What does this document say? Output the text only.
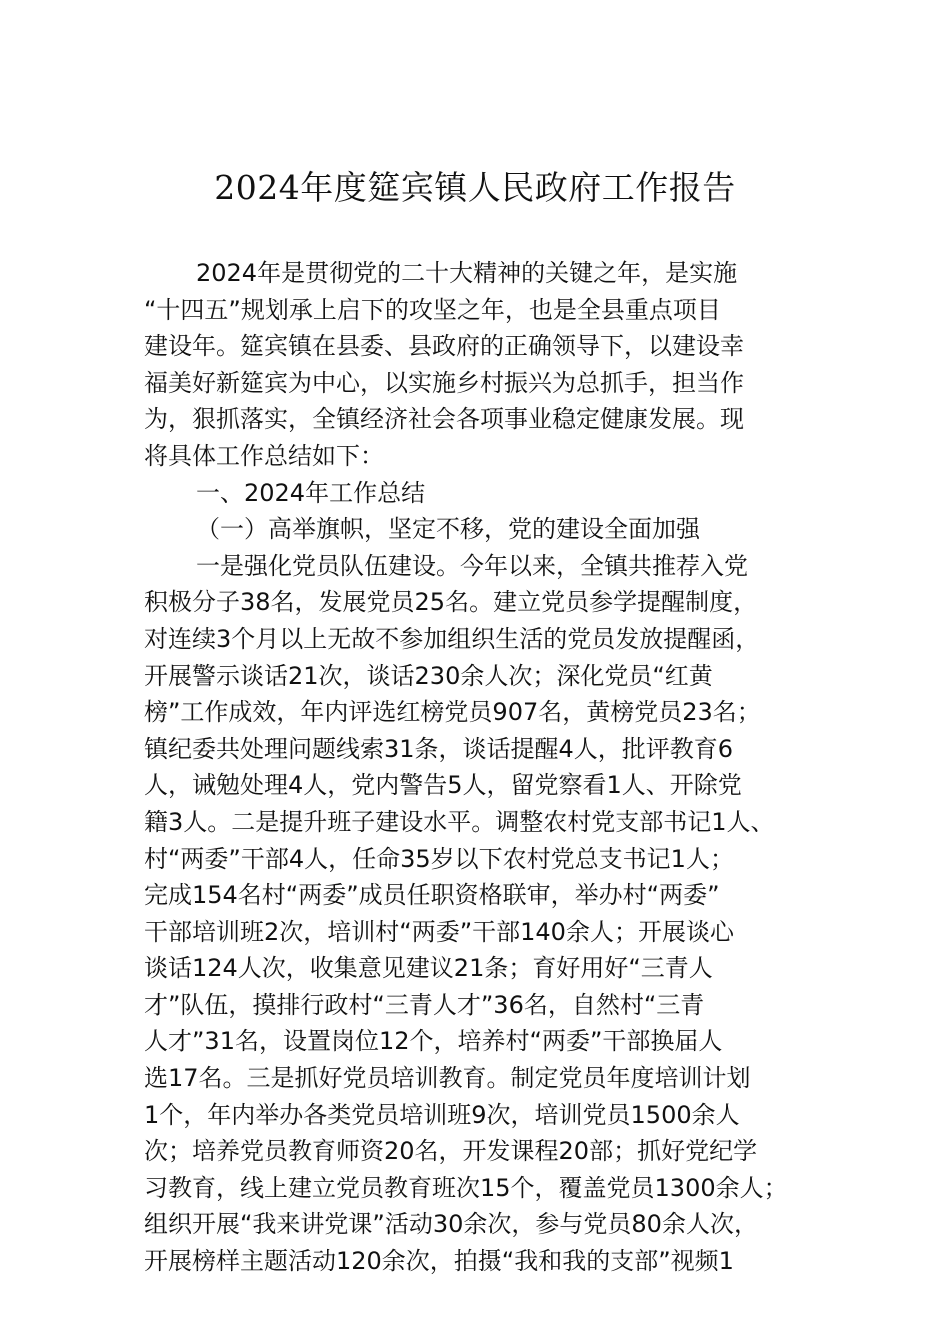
2024年度筵宾镇人民政府工作报告
2024年是贯彻党的二十大精神的关键之年，是实施
“十四五”规划承上启下的攻坚之年，也是全县重点项目
建设年。筵宾镇在县委、县政府的正确领导下，以建设幸
福美好新筵宾为中心，以实施乡村振兴为总抓手，担当作
为，狠抓落实，全镇经济社会各项事业稳定健康发展。现
将具体工作总结如下：
一、2024年工作总结
（一）高举旗帜，坚定不移，党的建设全面加强
一是强化党员队伍建设。今年以来，全镇共推荐入党
积极分子38名，发展党员25名。建立党员参学提醒制度，
对连续3个月以上无故不参加组织生活的党员发放提醒函，
开展警示谈话21次，谈话230余人次；深化党员“红黄
榜”工作成效，年内评选红榜党员907名，黄榜党员23名；
镇纪委共处理问题线索31条，谈话提醒4人，批评教育6
人，诫勉处理4人，党内警告5人，留党察看1人、开除党
籍3人。二是提升班子建设水平。调整农村党支部书记1人、
村“两委”干部4人，任命35岁以下农村党总支书记1人；
完成154名村“两委”成员任职资格联审，举办村“两委”
干部培训班2次，培训村“两委”干部140余人；开展谈心
谈话124人次，收集意见建议21条；育好用好“三青人
才”队伍，摸排行政村“三青人才”36名，自然村“三青
人才”31名，设置岗位12个，培养村“两委”干部换届人
选17名。三是抓好党员培训教育。制定党员年度培训计划
1个，年内举办各类党员培训班9次，培训党员1500余人
次；培养党员教育师资20名，开发课程20部；抓好党纪学
习教育，线上建立党员教育班次15个，覆盖党员1300余人；
组织开展“我来讲党课”活动30余次，参与党员80余人次，
开展榜样主题活动120余次，拍摄“我和我的支部”视频1
